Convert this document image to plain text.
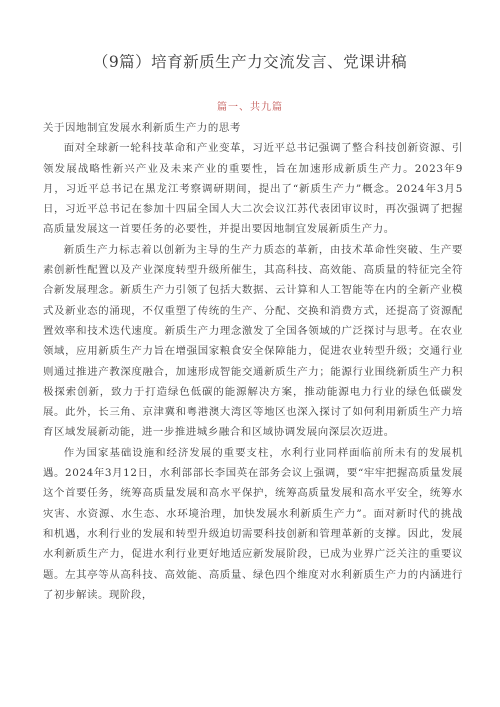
（9篇）培育新质生产力交流发言、党课讲稿
篇一、共九篇

关于因地制宜发展水利新质生产力的思考

面对全球新一轮科技革命和产业变革，习近平总书记强调了整合科技创新资源、引领发展战略性新兴产业及未来产业的重要性，旨在加速形成新质生产力。2023年9月，习近平总书记在黑龙江考察调研期间，提出了“新质生产力”概念。2024年3月5日，习近平总书记在参加十四届全国人大二次会议江苏代表团审议时，再次强调了把握高质量发展这一首要任务的必要性，并提出要因地制宜发展新质生产力。

新质生产力标志着以创新为主导的生产力质态的革新，由技术革命性突破、生产要素创新性配置以及产业深度转型升级所催生，其高科技、高效能、高质量的特征完全符合新发展理念。新质生产力引领了包括大数据、云计算和人工智能等在内的全新产业模式及新业态的涌现，不仅重塑了传统的生产、分配、交换和消费方式，还提高了资源配置效率和技术迭代速度。新质生产力理念激发了全国各领域的广泛探讨与思考。在农业领域，应用新质生产力旨在增强国家粮食安全保障能力，促进农业转型升级；交通行业则通过推进产教深度融合，加速形成智能交通新质生产力；能源行业围绕新质生产力积极探索创新，致力于打造绿色低碳的能源解决方案，推动能源电力行业的绿色低碳发展。此外，长三角、京津冀和粤港澳大湾区等地区也深入探讨了如何利用新质生产力培育区域发展新动能，进一步推进城乡融合和区域协调发展向深层次迈进。

作为国家基础设施和经济发展的重要支柱，水利行业同样面临前所未有的发展机遇。2024年3月12日，水利部部长李国英在部务会议上强调，要“牢牢把握高质量发展这个首要任务，统筹高质量发展和高水平保护，统筹高质量发展和高水平安全，统筹水灾害、水资源、水生态、水环境治理，加快发展水利新质生产力”。面对新时代的挑战和机遇，水利行业的发展和转型升级迫切需要科技创新和管理革新的支撑。因此，发展水利新质生产力，促进水利行业更好地适应新发展阶段，已成为业界广泛关注的重要议题。左其亭等从高科技、高效能、高质量、绿色四个维度对水利新质生产力的内涵进行了初步解读。现阶段，
